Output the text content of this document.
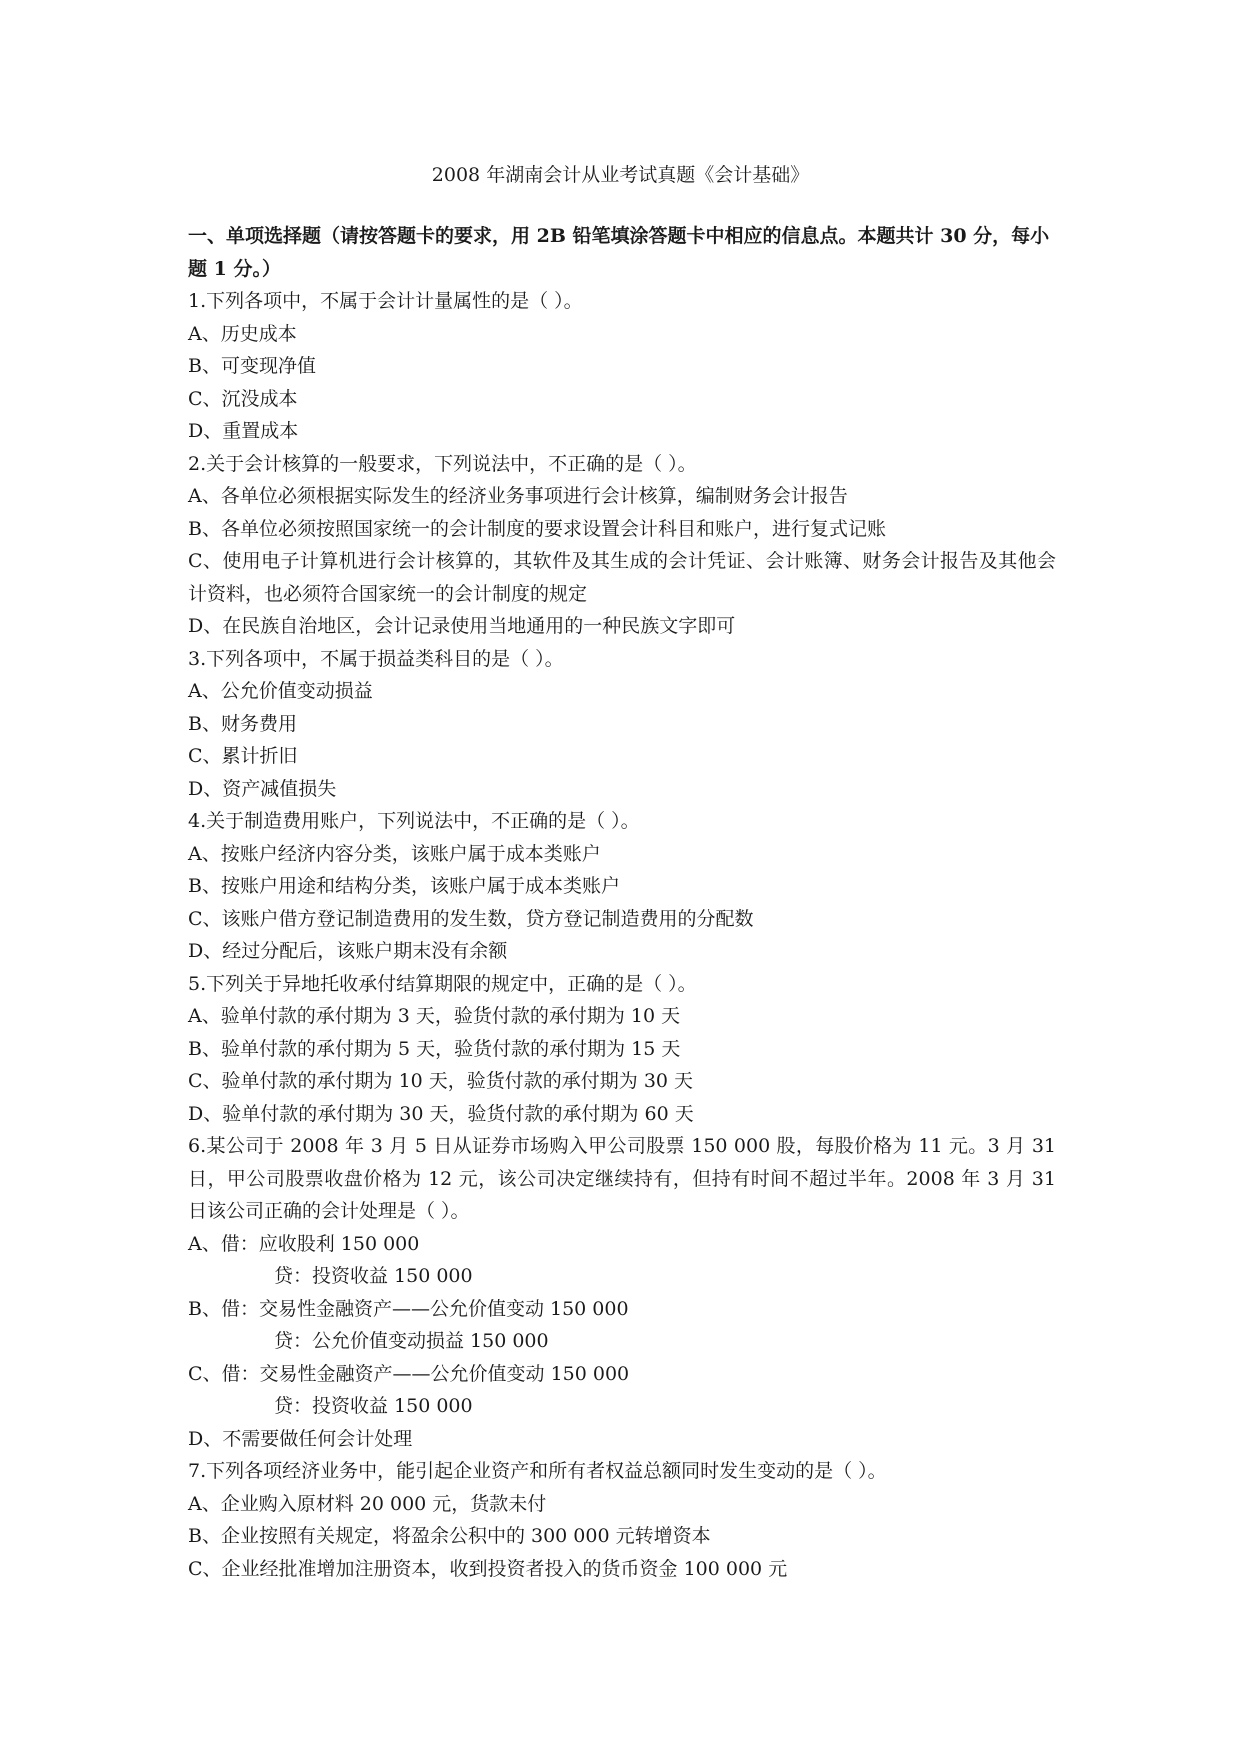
2008 年湖南会计从业考试真题《会计基础》
一、单项选择题（请按答题卡的要求，用 2B 铅笔填涂答题卡中相应的信息点。本题共计 30 分，每小题 1 分。）
1.下列各项中，不属于会计计量属性的是（ ）。
A、历史成本
B、可变现净值
C、沉没成本
D、重置成本
2.关于会计核算的一般要求，下列说法中，不正确的是（ ）。
A、各单位必须根据实际发生的经济业务事项进行会计核算，编制财务会计报告
B、各单位必须按照国家统一的会计制度的要求设置会计科目和账户，进行复式记账
C、使用电子计算机进行会计核算的，其软件及其生成的会计凭证、会计账簿、财务会计报告及其他会计资料，也必须符合国家统一的会计制度的规定
D、在民族自治地区，会计记录使用当地通用的一种民族文字即可
3.下列各项中，不属于损益类科目的是（ ）。
A、公允价值变动损益
B、财务费用
C、累计折旧
D、资产减值损失
4.关于制造费用账户，下列说法中，不正确的是（ ）。
A、按账户经济内容分类，该账户属于成本类账户
B、按账户用途和结构分类，该账户属于成本类账户
C、该账户借方登记制造费用的发生数，贷方登记制造费用的分配数
D、经过分配后，该账户期末没有余额
5.下列关于异地托收承付结算期限的规定中，正确的是（ ）。
A、验单付款的承付期为 3 天，验货付款的承付期为 10 天
B、验单付款的承付期为 5 天，验货付款的承付期为 15 天
C、验单付款的承付期为 10 天，验货付款的承付期为 30 天
D、验单付款的承付期为 30 天，验货付款的承付期为 60 天
6.某公司于 2008 年 3 月 5 日从证券市场购入甲公司股票 150 000 股，每股价格为 11 元。3 月 31 日，甲公司股票收盘价格为 12 元，该公司决定继续持有，但持有时间不超过半年。2008 年 3 月 31 日该公司正确的会计处理是（ ）。
A、借：应收股利 150 000
贷：投资收益 150 000
B、借：交易性金融资产——公允价值变动 150 000
贷：公允价值变动损益 150 000
C、借：交易性金融资产——公允价值变动 150 000
贷：投资收益 150 000
D、不需要做任何会计处理
7.下列各项经济业务中，能引起企业资产和所有者权益总额同时发生变动的是（ ）。
A、企业购入原材料 20 000 元，货款未付
B、企业按照有关规定，将盈余公积中的 300 000 元转增资本
C、企业经批准增加注册资本，收到投资者投入的货币资金 100 000 元
